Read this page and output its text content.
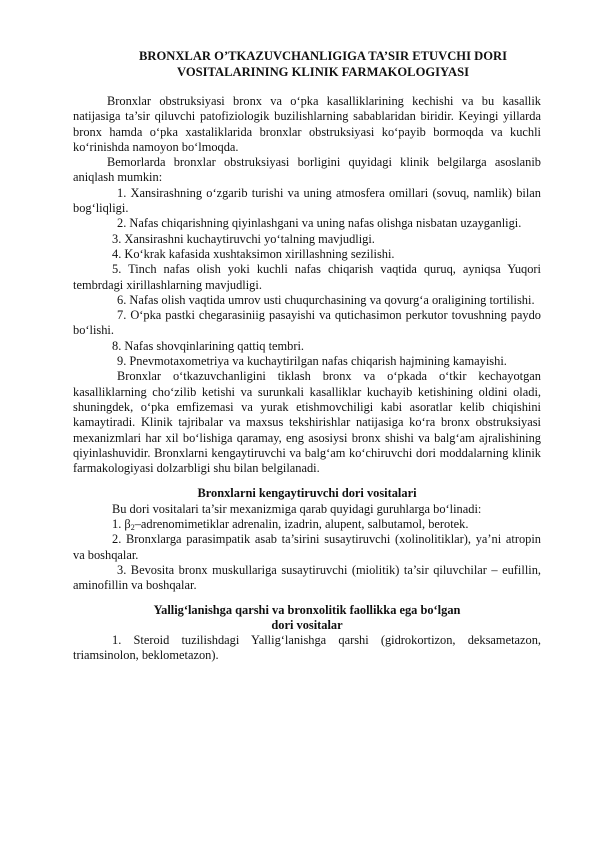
BRONXLAR O’TKAZUVCHANLIGIGA TA’SIR ETUVCHI DORI
VOSITALARINING KLINIK FARMAKOLOGIYASI

Bronxlar obstruksiyasi bronx va o‘pka kasalliklarining kechishi va bu kasallik natijasiga ta’sir qiluvchi patofiziologik buzilishlarning sabablaridan biridir. Keyingi yillarda bronx hamda o‘pka xastaliklarida bronxlar obstruksiyasi ko‘payib bormoqda va kuchli ko‘rinishda namoyon bo‘lmoqda.

Bemorlarda bronxlar obstruksiyasi borligini quyidagi klinik belgilarga asoslanib aniqlash mumkin:

1. Xansirashning o‘zgarib turishi va uning atmosfera omillari (sovuq, namlik) bilan bog‘liqligi.

2. Nafas chiqarishning qiyinlashgani va uning nafas olishga nisbatan uzayganligi.

3. Xansirashni kuchaytiruvchi yo‘talning mavjudligi.

4. Ko‘krak kafasida xushtaksimon xirillashning sezilishi.

5. Tinch nafas olish yoki kuchli nafas chiqarish vaqtida quruq, ayniqsa Yuqori tembrdagi xirillashlarning mavjudligi.

6. Nafas olish vaqtida umrov usti chuqurchasining va qovurg‘a oraligining tortilishi.

7. O‘pka pastki chegarasiniig pasayishi va qutichasimon perkutor tovushning paydo bo‘lishi.

8. Nafas shovqinlarining qattiq tembri.

9. Pnevmotaxometriya va kuchaytirilgan nafas chiqarish hajmining kamayishi.

Bronxlar o‘tkazuvchanligini tiklash bronx va o‘pkada o‘tkir kechayotgan kasalliklarning cho‘zilib ketishi va surunkali kasalliklar kuchayib ketishining oldini oladi, shuningdek, o‘pka emfizemasi va yurak etishmovchiligi kabi asoratlar kelib chiqishini kamaytiradi. Klinik tajribalar va maxsus tekshirishlar natijasiga ko‘ra bronx obstruksiyasi mexanizmlari har xil bo‘lishiga qaramay, eng asosiysi bronx shishi va balg‘am ajralishining qiyinlashuvidir. Bronxlarni kengaytiruvchi va balg‘am ko‘chiruvchi dori moddalarning klinik farmakologiyasi dolzarbligi shu bilan belgilanadi.

Bronxlarni kengaytiruvchi dori vositalari

Bu dori vositalari ta’sir mexanizmiga qarab quyidagi guruhlarga bo‘linadi:

1. $\beta_2$–adrenomimetiklar adrenalin, izadrin, alupent, salbutamol, berotek.

2. Bronxlarga parasimpatik asab ta’sirini susaytiruvchi (xolinolitiklar), ya’ni atropin va boshqalar.

3. Bevosita bronx muskullariga susaytiruvchi (miolitik) ta’sir qiluvchilar – eufillin, aminofillin va boshqalar.

Yallig‘lanishga qarshi va bronxolitik faollikka ega bo‘lgan
dori vositalar

1. Steroid tuzilishdagi Yallig‘lanishga qarshi (gidrokortizon, deksametazon, triamsinolon, beklometazon).
